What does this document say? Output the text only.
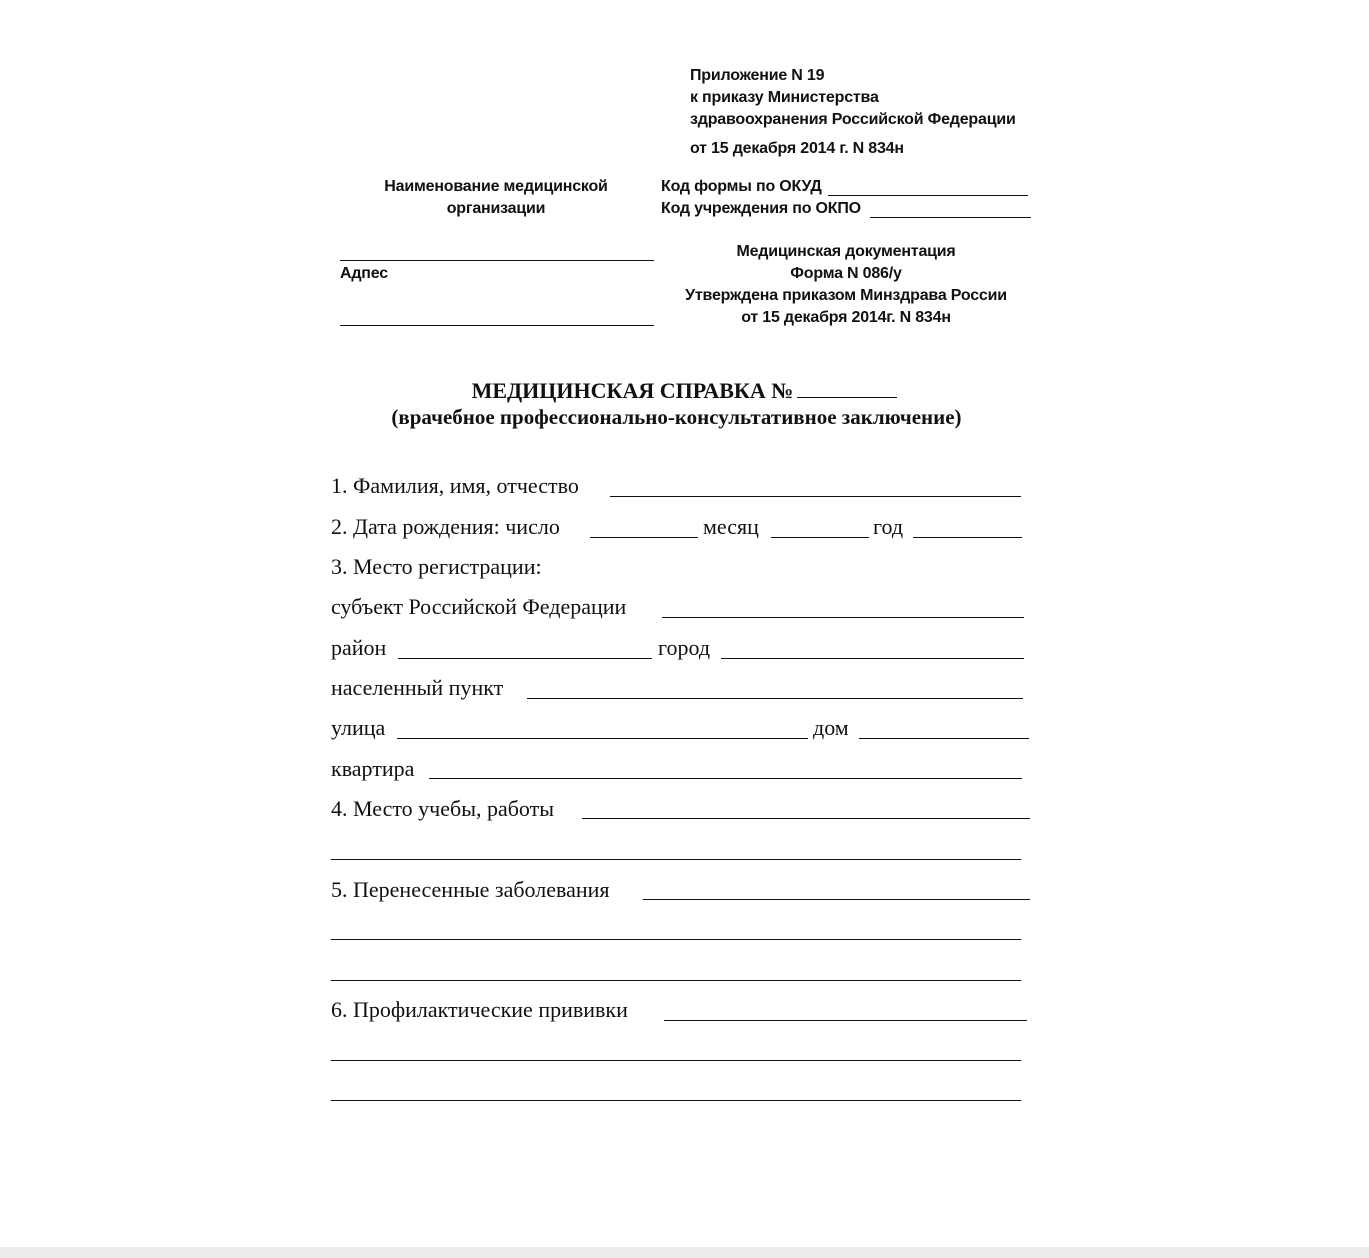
Приложение N 19
к приказу Министерства
здравоохранения Российской Федерации
от 15 декабря 2014 г. N 834н
Наименование медицинской
организации
Код формы по ОКУД
Код учреждения по ОКПО
Адпес
Медицинская документация
Форма N 086/у
Утверждена приказом Минздрава России
от 15 декабря 2014г. N 834н
МЕДИЦИНСКАЯ СПРАВКА №
(врачебное профессионально-консультативное заключение)
1. Фамилия, имя, отчество
2. Дата рождения: число	месяц	год
3. Место регистрации:
субъект Российской Федерации
район	город
населенный пункт
улица	дом
квартира
4. Место учебы, работы
5. Перенесенные заболевания
6. Профилактические прививки
